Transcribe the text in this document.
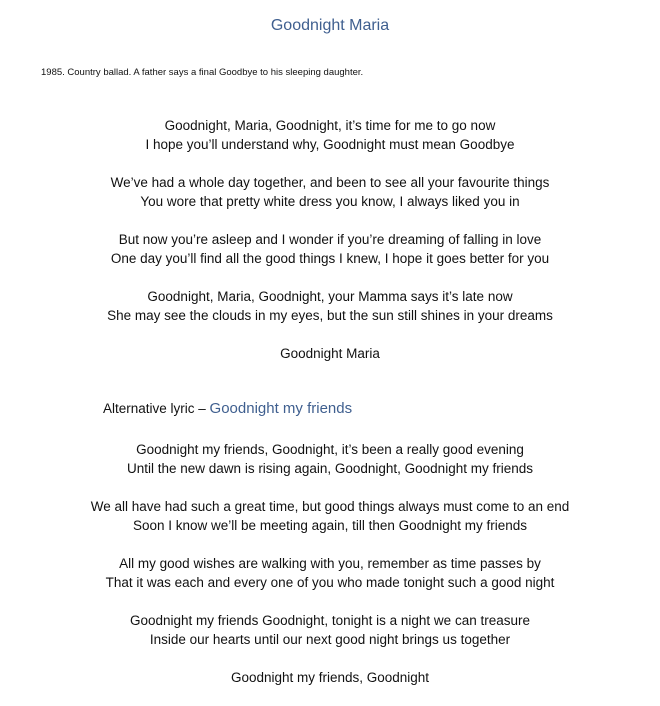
Goodnight Maria

1985. Country ballad. A father says a final Goodbye to his sleeping daughter.

Goodnight, Maria, Goodnight, it’s time for me to go now
I hope you’ll understand why, Goodnight must mean Goodbye

We’ve had a whole day together, and been to see all your favourite things
You wore that pretty white dress you know, I always liked you in

But now you’re asleep and I wonder if you’re dreaming of falling in love
One day you’ll find all the good things I knew, I hope it goes better for you

Goodnight, Maria, Goodnight, your Mamma says it’s late now
She may see the clouds in my eyes, but the sun still shines in your dreams

Goodnight Maria

Alternative lyric – Goodnight my friends

Goodnight my friends, Goodnight, it’s been a really good evening
Until the new dawn is rising again, Goodnight, Goodnight my friends

We all have had such a great time, but good things always must come to an end
Soon I know we’ll be meeting again, till then Goodnight my friends

All my good wishes are walking with you, remember as time passes by
That it was each and every one of you who made tonight such a good night

Goodnight my friends Goodnight, tonight is a night we can treasure
Inside our hearts until our next good night brings us together

Goodnight my friends, Goodnight
